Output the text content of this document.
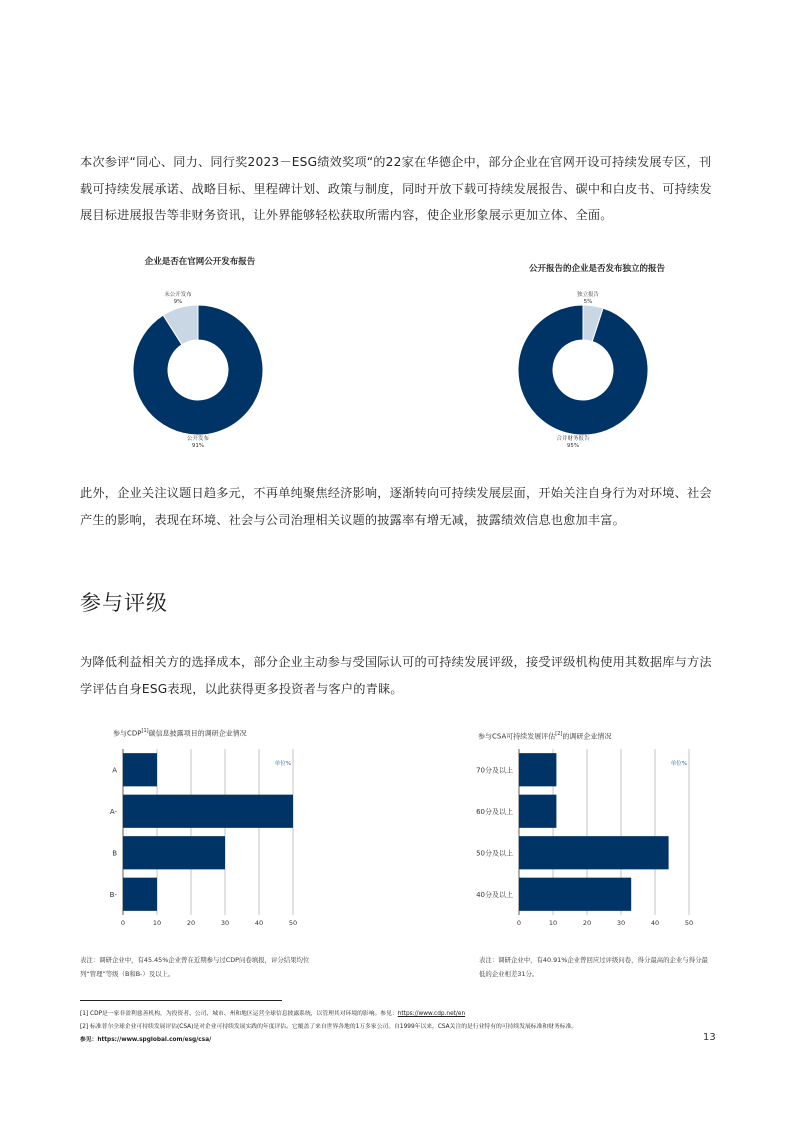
本次参评“同心、同力、同行奖2023－ESG绩效奖项“的22家在华德企中，部分企业在官网开设可持续发展专区，刊载可持续发展承诺、战略目标、里程碑计划、政策与制度，同时开放下载可持续发展报告、碳中和白皮书、可持续发展目标进展报告等非财务资讯，让外界能够轻松获取所需内容，使企业形象展示更加立体、全面。
企业是否在官网公开发布报告
未公开发布
9%
公开发布
91%
公开报告的企业是否发布独立的报告
独立报告
5%
合并财务报告
95%
此外，企业关注议题日趋多元，不再单纯聚焦经济影响，逐渐转向可持续发展层面，开始关注自身行为对环境、社会产生的影响，表现在环境、社会与公司治理相关议题的披露率有增无减，披露绩效信息也愈加丰富。
参与评级
为降低利益相关方的选择成本，部分企业主动参与受国际认可的可持续发展评级，接受评级机构使用其数据库与方法学评估自身ESG表现，以此获得更多投资者与客户的青睐。
参与CDP[1]碳信息披露项目的调研企业情况
0	10	20	30	40	50
A
A-
B
B-
单位%
参与CSA可持续发展评估[2]的调研企业情况
0	10	20	30	40	50
70分及以上
60分及以上
50分及以上
40分及以上
单位%
表注：调研企业中，有45.45%企业曾在近期参与过CDP问卷填报，评分结果均位列“管理”等级（B和B-）及以上。
表注：调研企业中，有40.91%企业曾回应过评级问卷，得分最高的企业与得分最低的企业相差31分。
[1] CDP是一家非盈利慈善机构，为投资者、公司、城市、州和地区运营全球信息披露系统，以管理其对环境的影响。参见：https://www.cdp.net/en
[2] 标准普尔全球企业可持续发展评估(CSA)是对企业可持续发展实践的年度评估。它覆盖了来自世界各地的1万多家公司。自1999年以来，CSA关注的是行业特有的可持续发展标准和财务标准。
参见：https://www.spglobal.com/esg/csa/	13
